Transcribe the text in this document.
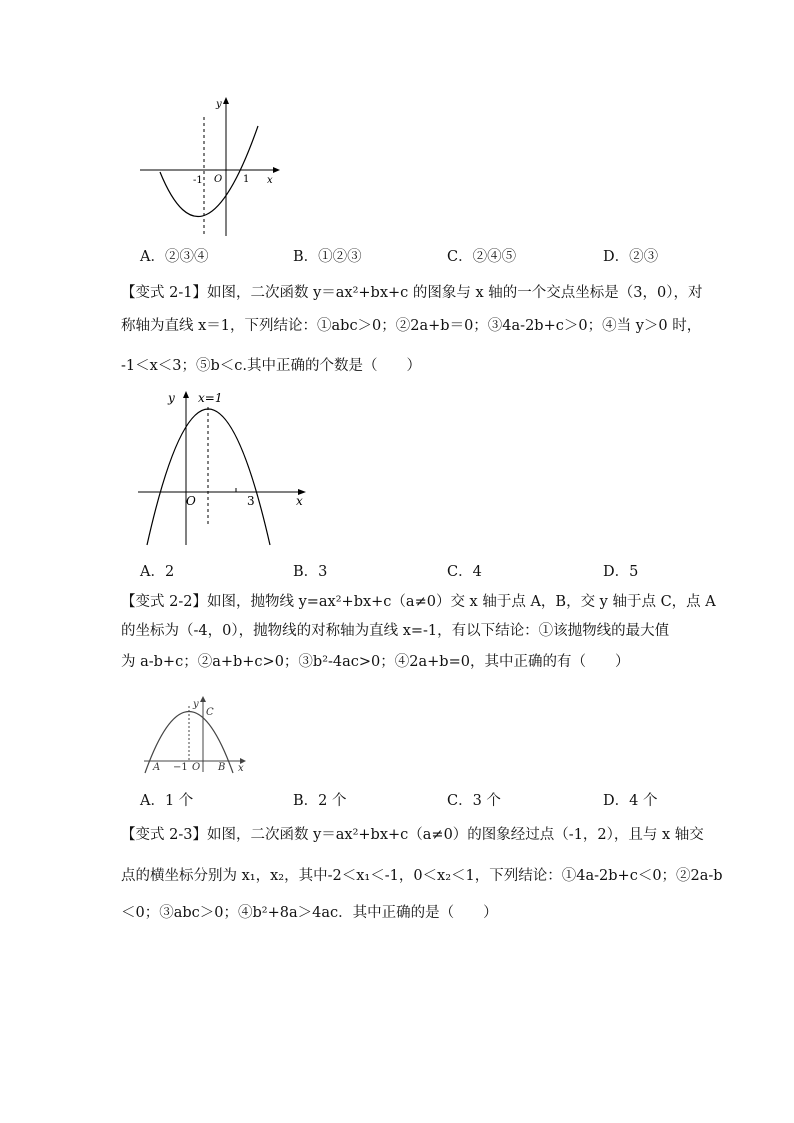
y
x
-1 O 1
A．②③④	B．①②③	C．②④⑤	D．②③
【变式 2-1】如图，二次函数 y＝ax²+bx+c 的图象与 x 轴的一个交点坐标是（3，0），对
称轴为直线 x＝1，下列结论：①abc＞0；②2a+b＝0；③4a-2b+c＞0；④当 y＞0 时，
-1＜x＜3；⑤b＜c.其中正确的个数是（　　）
y x=1
O	3	x
A．2	B．3	C．4	D．5
【变式 2-2】如图，抛物线 y=ax²+bx+c（a≠0）交 x 轴于点 A，B，交 y 轴于点 C，点 A
的坐标为（-4，0），抛物线的对称轴为直线 x=-1，有以下结论：①该抛物线的最大值
为 a-b+c；②a+b+c>0；③b²-4ac>0；④2a+b=0，其中正确的有（　　）
y
C
A −1 O B x
A．1 个	B．2 个	C．3 个	D．4 个
【变式 2-3】如图，二次函数 y＝ax²+bx+c（a≠0）的图象经过点（-1，2），且与 x 轴交
点的横坐标分别为 x₁，x₂，其中-2＜x₁＜-1，0＜x₂＜1，下列结论：①4a-2b+c＜0；②2a-b
＜0；③abc＞0；④b²+8a＞4ac．其中正确的是（　　）
